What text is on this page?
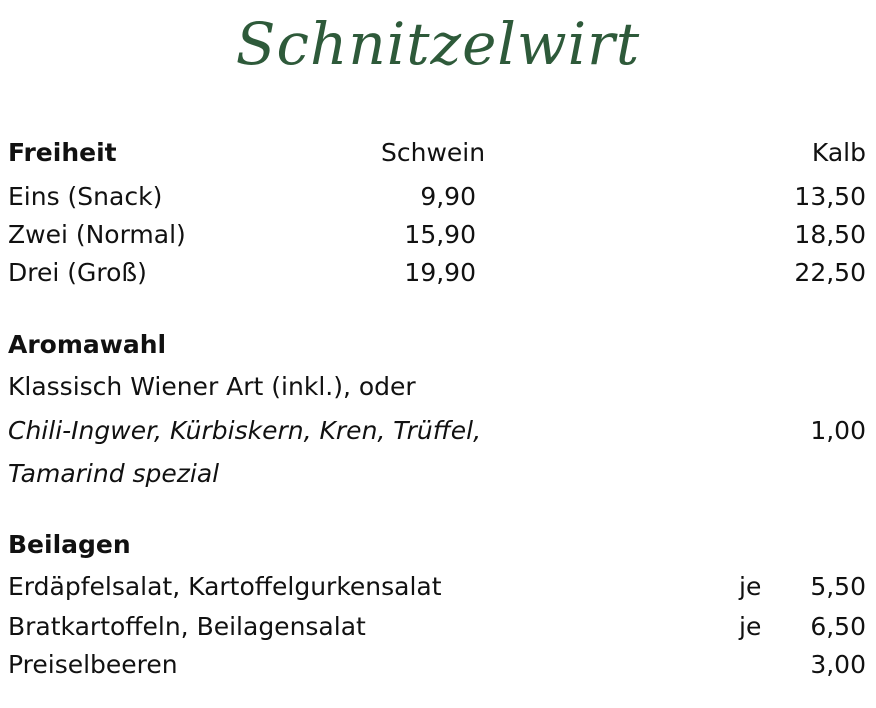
Schnitzelwirt
Freiheit	Schwein	Kalb
Eins (Snack)	9,90	13,50
Zwei (Normal)	15,90	18,50
Drei (Groß)	19,90	22,50
Aromawahl
Klassisch Wiener Art (inkl.), oder
Chili-Ingwer, Kürbiskern, Kren, Trüffel,	1,00
Tamarind spezial
Beilagen
Erdäpfelsalat, Kartoffelgurkensalat	je 5,50
Bratkartoffeln, Beilagensalat	je 6,50
Preiselbeeren	3,00
